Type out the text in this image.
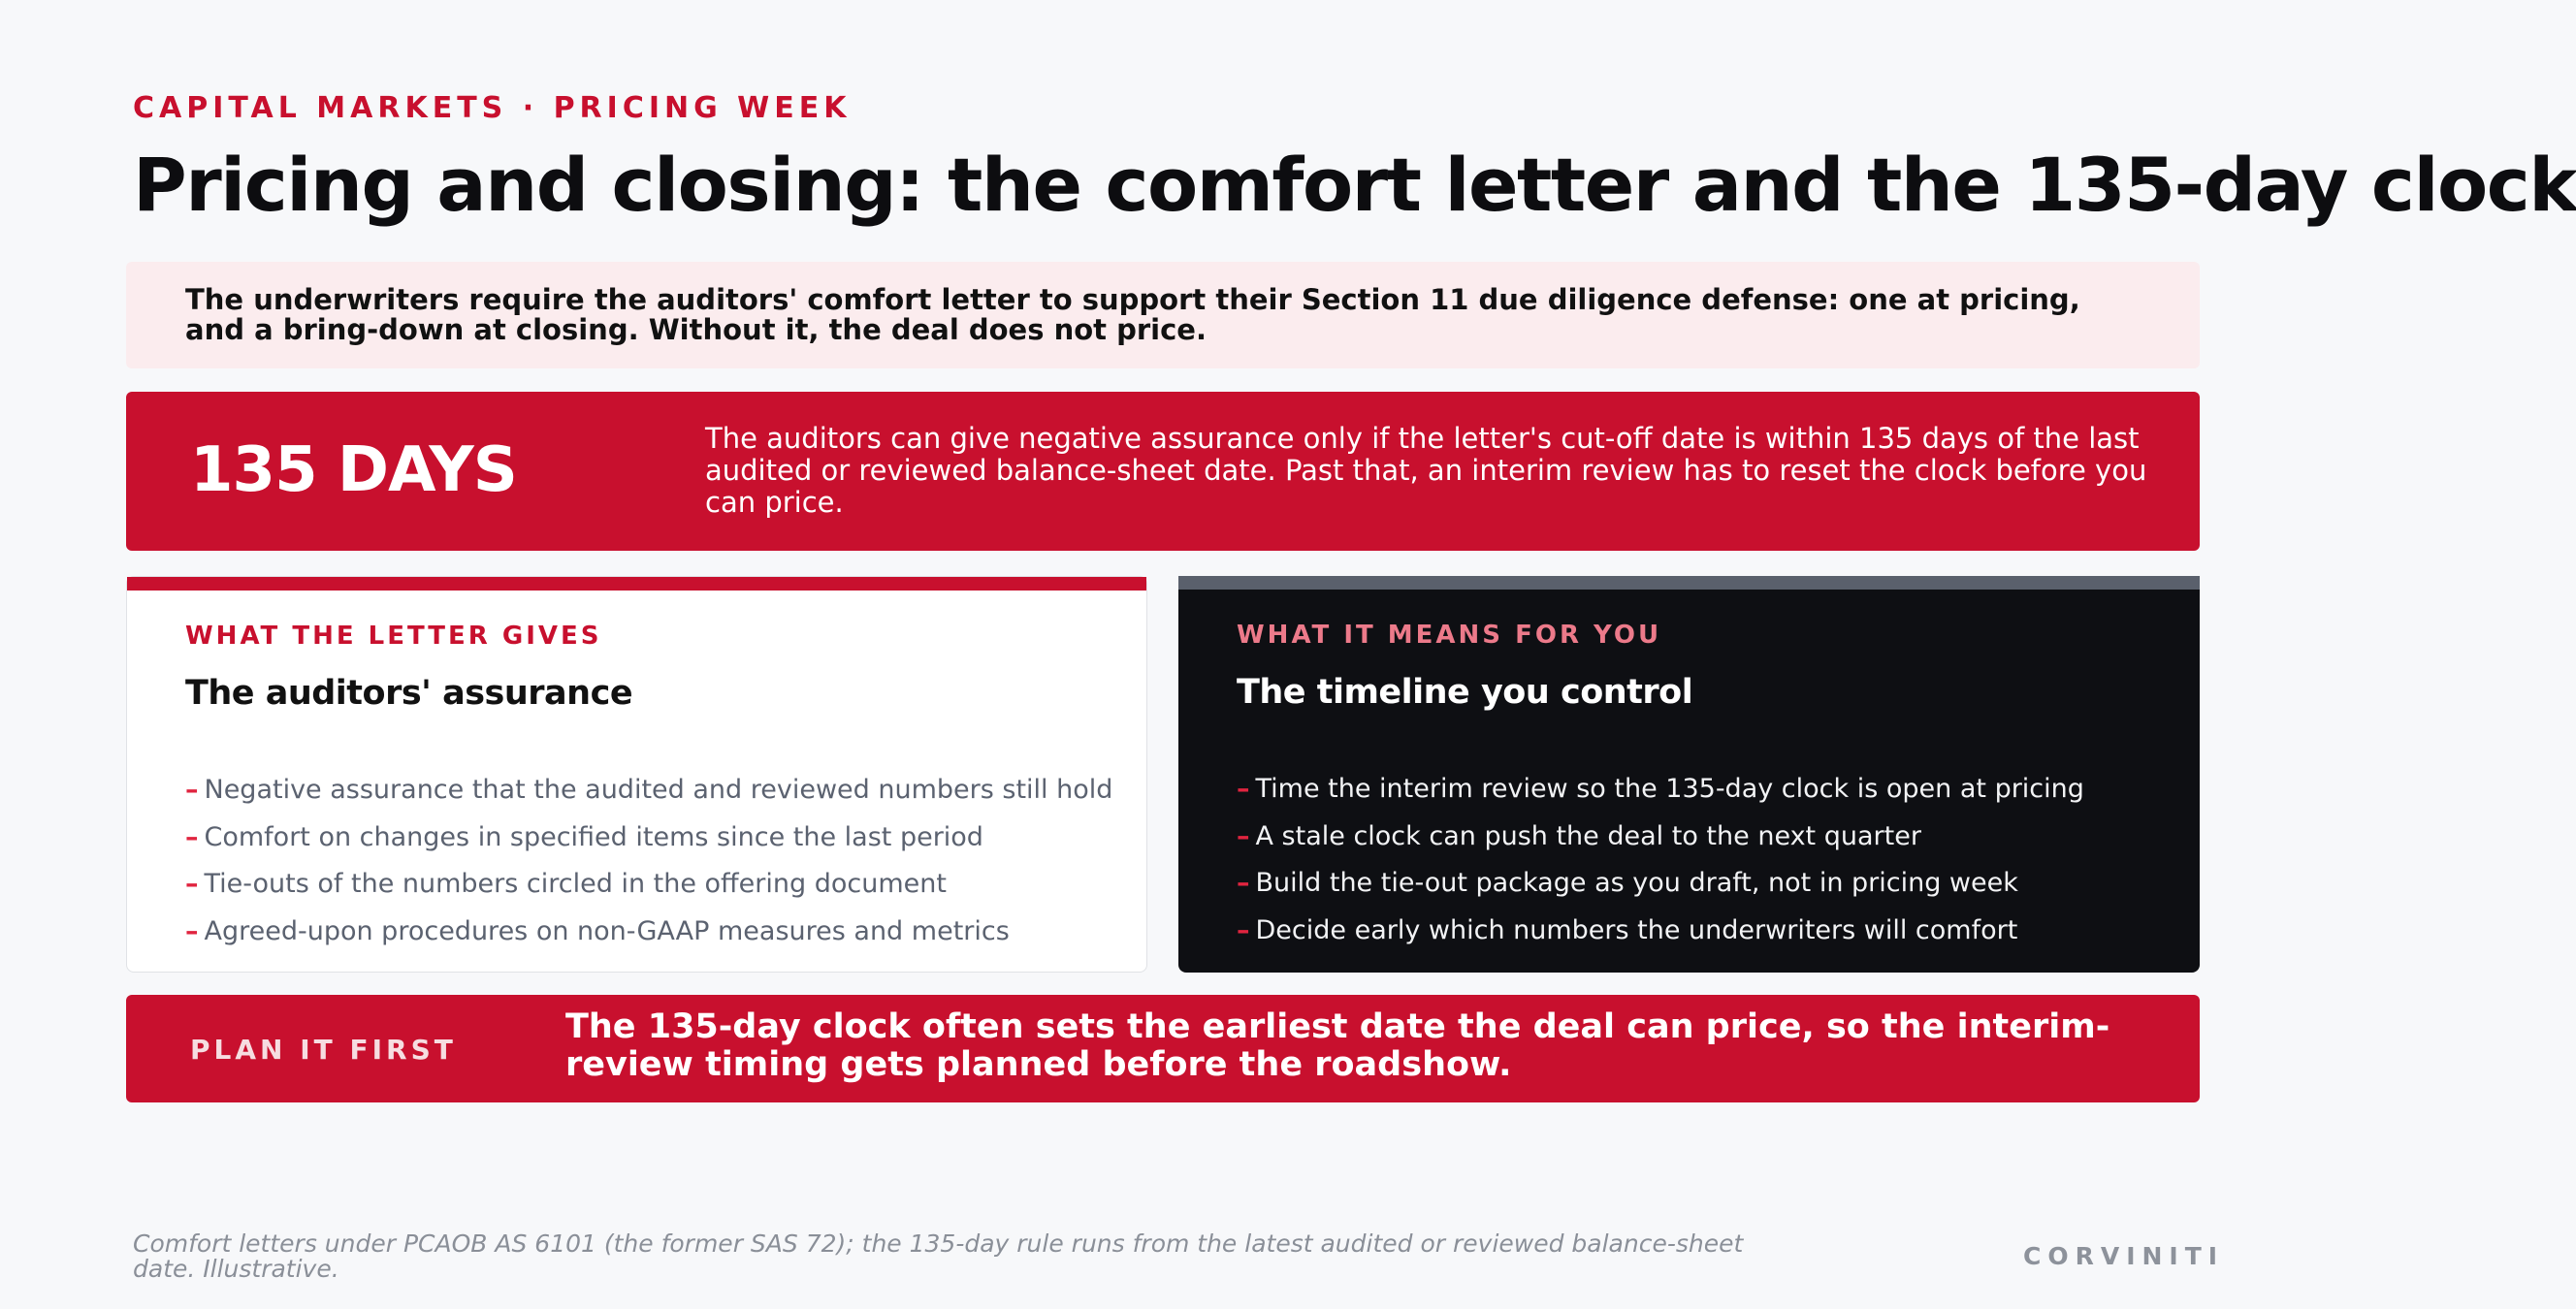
CAPITAL MARKETS · PRICING WEEK
Pricing and closing: the comfort letter and the 135-day clock
The underwriters require the auditors' comfort letter to support their Section 11 due diligence defense: one at pricing, and a bring-down at closing. Without it, the deal does not price.
135 DAYS	The auditors can give negative assurance only if the letter's cut-off date is within 135 days of the last audited or reviewed balance-sheet date. Past that, an interim review has to reset the clock before you can price.
WHAT THE LETTER GIVES
The auditors' assurance
– Negative assurance that the audited and reviewed numbers still hold
– Comfort on changes in specified items since the last period
– Tie-outs of the numbers circled in the offering document
– Agreed-upon procedures on non-GAAP measures and metrics
WHAT IT MEANS FOR YOU
The timeline you control
– Time the interim review so the 135-day clock is open at pricing
– A stale clock can push the deal to the next quarter
– Build the tie-out package as you draft, not in pricing week
– Decide early which numbers the underwriters will comfort
PLAN IT FIRST
The 135-day clock often sets the earliest date the deal can price, so the interim-review timing gets planned before the roadshow.
Comfort letters under PCAOB AS 6101 (the former SAS 72); the 135-day rule runs from the latest audited or reviewed balance-sheet date. Illustrative.	CORVINITI
